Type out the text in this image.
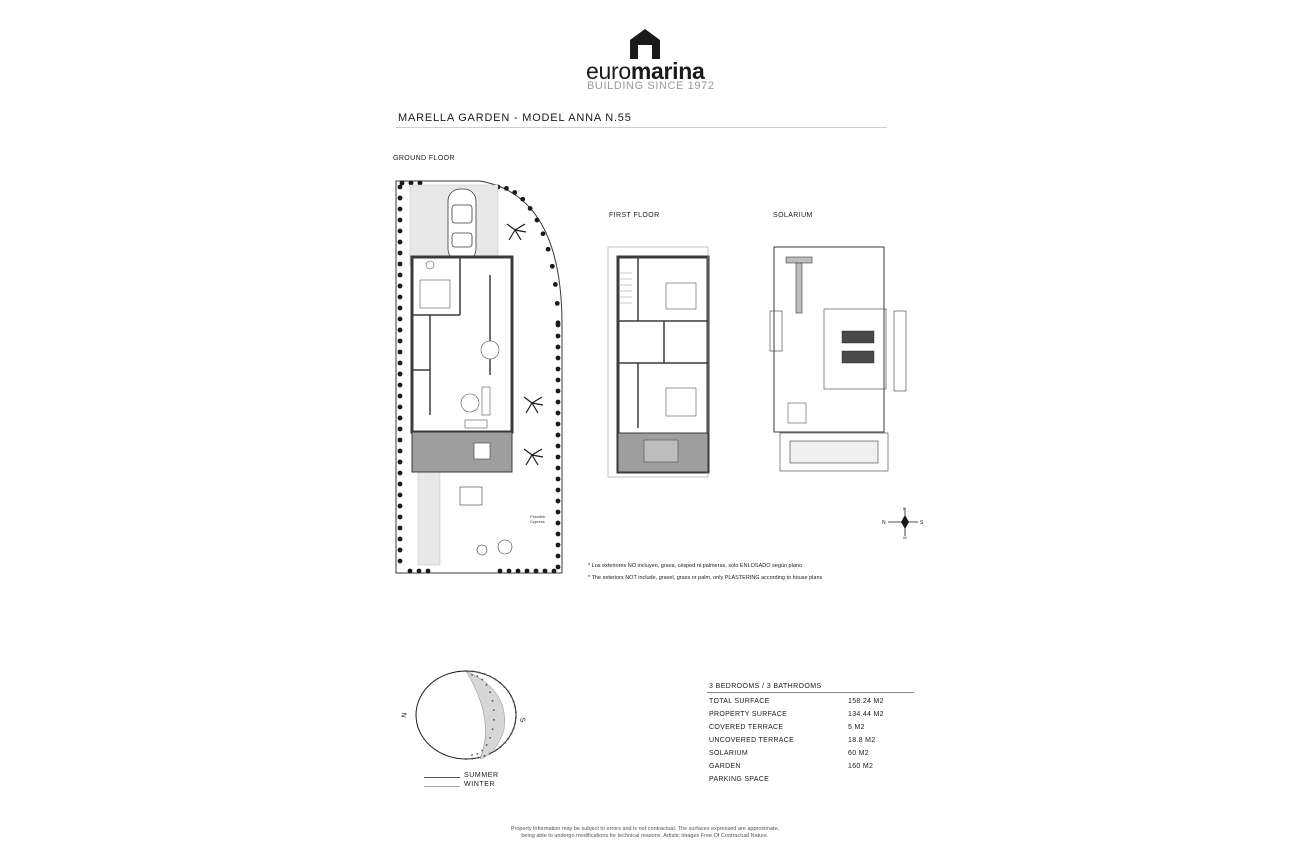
euromarina
BUILDING SINCE 1972
MARELLA GARDEN - MODEL ANNA N.55
GROUND FLOOR
FIRST FLOOR	SOLARIUM
Possible
Cypress	N	S
E
W
* Los exteriores NO incluyen, grava, césped ni palmeras, solo ENLOSADO según plano
* The exteriors NOT include, gravel, grass or palm, only PLASTERING according to house plans
N
S
SUMMER
WINTER
3 BEDROOMS / 3 BATHROOMS
TOTAL SURFACE	158.24 M2
PROPERTY SURFACE	134.44 M2
COVERED TERRACE	5 M2
UNCOVERED TERRACE	18.8 M2
SOLARIUM	60 M2
GARDEN	160 M2
PARKING SPACE
Property information may be subject to errors and is not contractual. The surfaces expressed are approximate,
being able to undergo modifications for technical reasons. Artistic Images Free Of Contractual Nature.
